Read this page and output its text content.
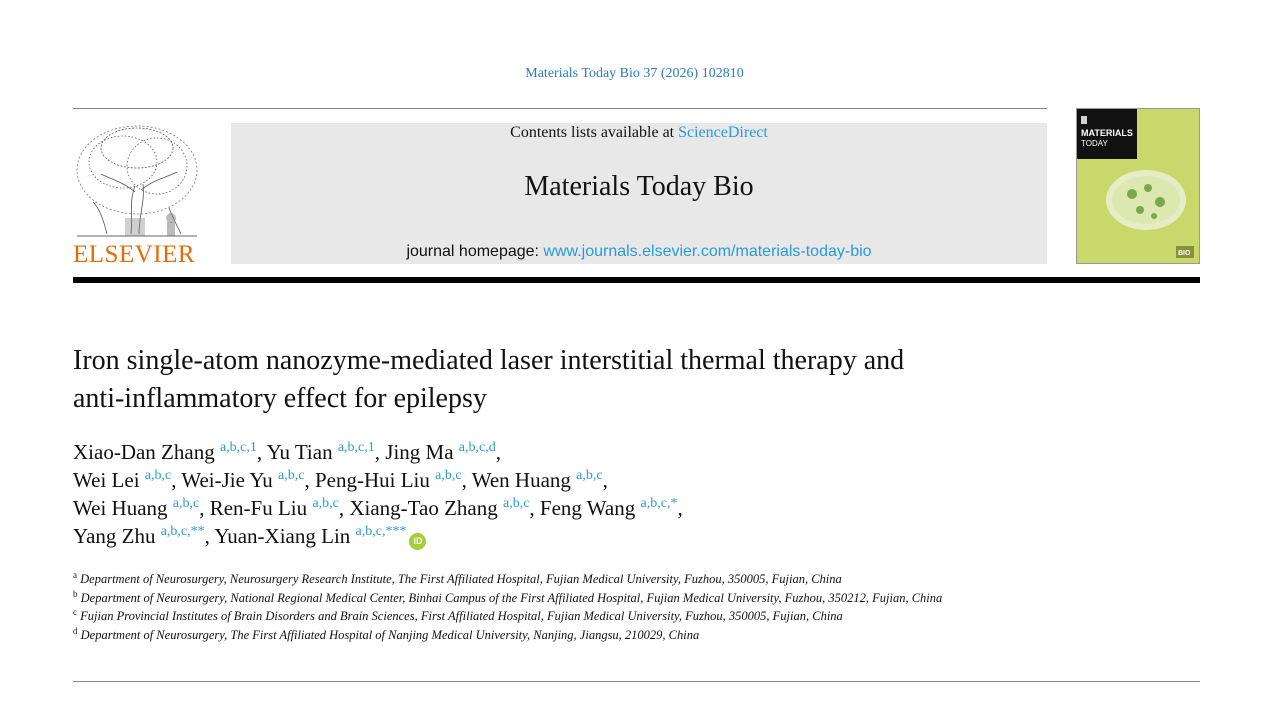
Materials Today Bio 37 (2026) 102810
ELSEVIER
Contents lists available at ScienceDirect
Materials Today Bio
journal homepage: www.journals.elsevier.com/materials-today-bio
MATERIALS
TODAY
BIO
Iron single-atom nanozyme-mediated laser interstitial thermal therapy and
anti-inflammatory effect for epilepsy
Xiao-Dan Zhang $^{a,b,c,1}$, Yu Tian $^{a,b,c,1}$, Jing Ma $^{a,b,c,d}$,
Wei Lei $^{a,b,c}$, Wei-Jie Yu $^{a,b,c}$, Peng-Hui Liu $^{a,b,c}$, Wen Huang $^{a,b,c}$,
Wei Huang $^{a,b,c}$, Ren-Fu Liu $^{a,b,c}$, Xiang-Tao Zhang $^{a,b,c}$, Feng Wang $^{a,b,c,*}$,
Yang Zhu $^{a,b,c,**}$, Yuan-Xiang Lin $^{a,b,c,***}$iD
$^a$ Department of Neurosurgery, Neurosurgery Research Institute, The First Affiliated Hospital, Fujian Medical University, Fuzhou, 350005, Fujian, China
$^b$ Department of Neurosurgery, National Regional Medical Center, Binhai Campus of the First Affiliated Hospital, Fujian Medical University, Fuzhou, 350212, Fujian, China
$^c$ Fujian Provincial Institutes of Brain Disorders and Brain Sciences, First Affiliated Hospital, Fujian Medical University, Fuzhou, 350005, Fujian, China
$^d$ Department of Neurosurgery, The First Affiliated Hospital of Nanjing Medical University, Nanjing, Jiangsu, 210029, China
